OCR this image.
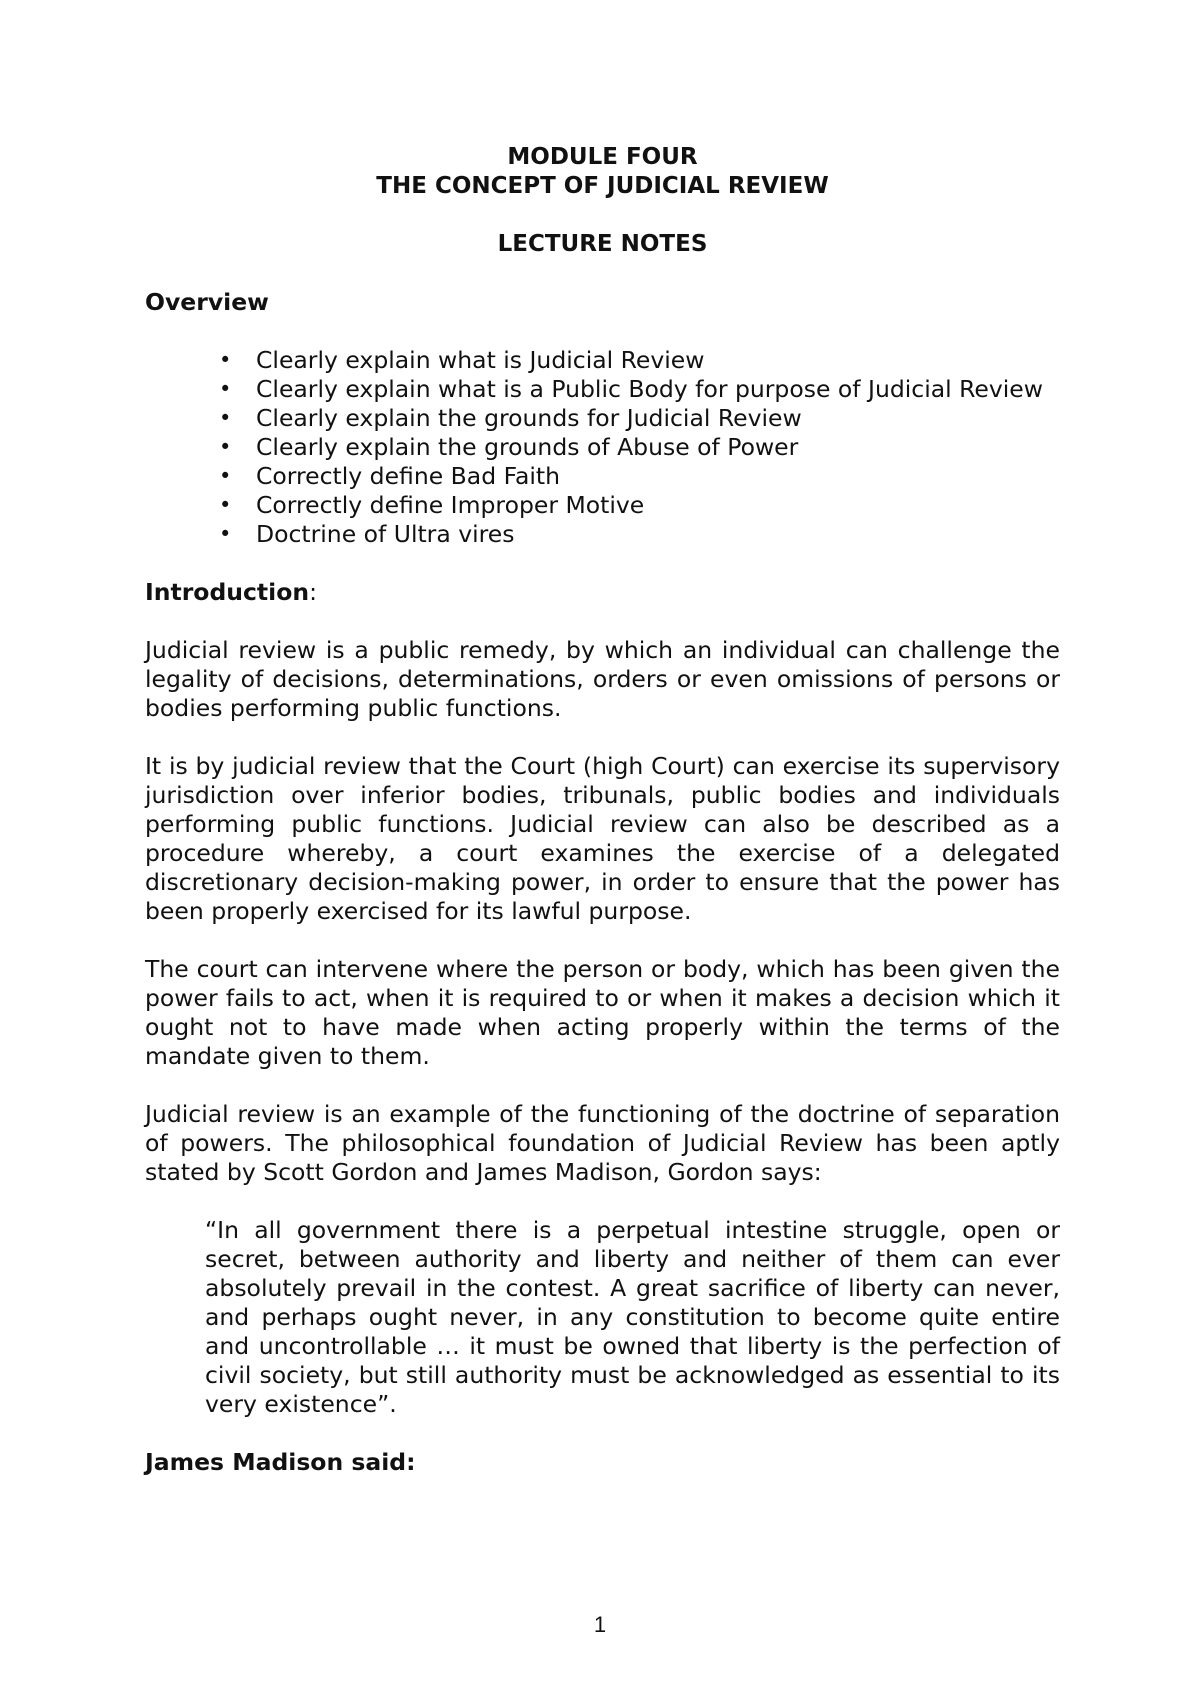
MODULE FOUR
THE CONCEPT OF JUDICIAL REVIEW
LECTURE NOTES
Overview
• Clearly explain what is Judicial Review
• Clearly explain what is a Public Body for purpose of Judicial Review
• Clearly explain the grounds for Judicial Review
• Clearly explain the grounds of Abuse of Power
• Correctly define Bad Faith
• Correctly define Improper Motive
• Doctrine of Ultra vires
Introduction:

Judicial review is a public remedy, by which an individual can challenge the legality of decisions, determinations, orders or even omissions of persons or bodies performing public functions.

It is by judicial review that the Court (high Court) can exercise its supervisory jurisdiction over inferior bodies, tribunals, public bodies and individuals performing public functions. Judicial review can also be described as a procedure whereby, a court examines the exercise of a delegated discretionary decision-making power, in order to ensure that the power has been properly exercised for its lawful purpose.

The court can intervene where the person or body, which has been given the power fails to act, when it is required to or when it makes a decision which it ought not to have made when acting properly within the terms of the mandate given to them.

Judicial review is an example of the functioning of the doctrine of separation of powers. The philosophical foundation of Judicial Review has been aptly stated by Scott Gordon and James Madison, Gordon says:

“In all government there is a perpetual intestine struggle, open or secret, between authority and liberty and neither of them can ever absolutely prevail in the contest. A great sacrifice of liberty can never, and perhaps ought never, in any constitution to become quite entire and uncontrollable … it must be owned that liberty is the perfection of civil society, but still authority must be acknowledged as essential to its very existence”.
James Madison said:
1
